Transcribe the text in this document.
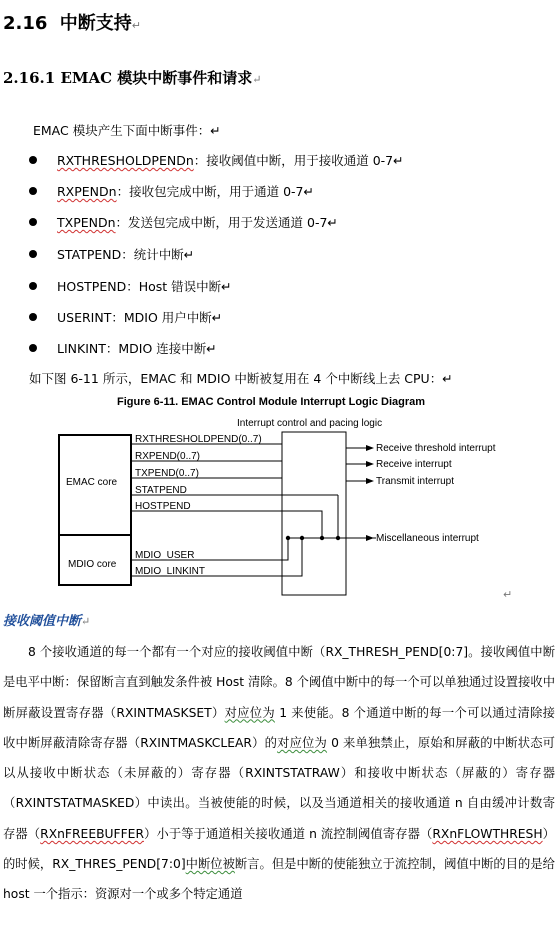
2.16 中断支持↵
2.16.1 EMAC 模块中断事件和请求↵
EMAC 模块产生下面中断事件：↵
RXTHRESHOLDPENDn：接收阈值中断，用于接收通道 0-7↵
RXPENDn：接收包完成中断，用于通道 0-7↵
TXPENDn：发送包完成中断，用于发送通道 0-7↵
STATPEND：统计中断↵
HOSTPEND：Host 错误中断↵
USERINT：MDIO 用户中断↵
LINKINT：MDIO 连接中断↵
如下图 6-11 所示，EMAC 和 MDIO 中断被复用在 4 个中断线上去 CPU：↵
Figure 6-11. EMAC Control Module Interrupt Logic Diagram
Interrupt control and pacing logic
EMAC core
MDIO core
RXTHRESHOLDPEND(0..7)
RXPEND(0..7)
TXPEND(0..7)
STATPEND
HOSTPEND
MDIO_USER
MDIO_LINKINT
Receive threshold interrupt
Receive interrupt
Transmit interrupt
Miscellaneous interrupt
↵
接收阈值中断↵

8 个接收通道的每一个都有一个对应的接收阈值中断（RX_THRESH_PEND[0:7]。接收阈值中断是电平中断：保留断言直到触发条件被 Host 清除。8 个阈值中断中的每一个可以单独通过设置接收中断屏蔽设置寄存器（RXINTMASKSET）对应位为 1 来使能。8 个通道中断的每一个可以通过清除接收中断屏蔽清除寄存器（RXINTMASKCLEAR）的对应位为 0 来单独禁止，原始和屏蔽的中断状态可以从接收中断状态（未屏蔽的）寄存器（RXINTSTATRAW）和接收中断状态（屏蔽的）寄存器（RXINTSTATMASKED）中读出。当被使能的时候，以及当通道相关的接收通道 n 自由缓冲计数寄存器（RXnFREEBUFFER）小于等于通道相关接收通道 n 流控制阈值寄存器（RXnFLOWTHRESH）的时候，RX_THRES_PEND[7:0]中断位被断言。但是中断的使能独立于流控制，阈值中断的目的是给 host 一个指示：资源对一个或多个特定通道
